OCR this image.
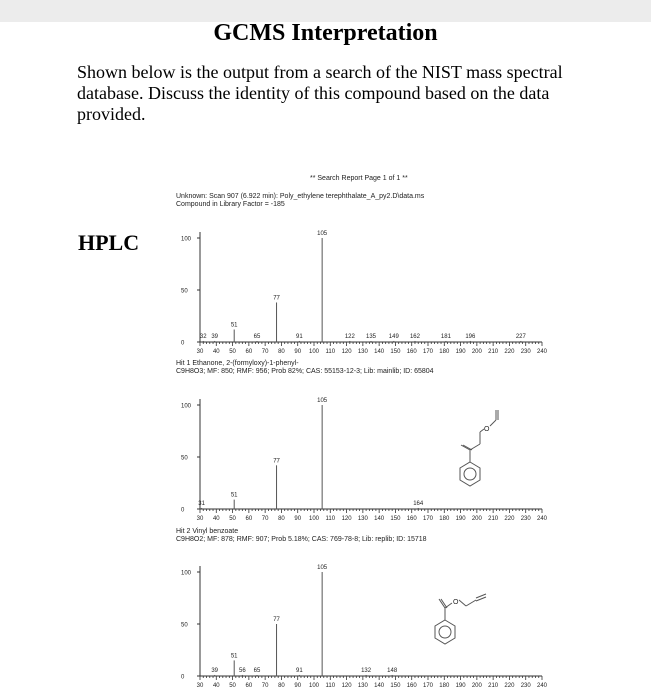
GCMS Interpretation
Shown below is the output from a search of the NIST mass spectral database. Discuss the identity of this compound based on the data provided.
HPLC
** Search Report Page 1 of 1 **
Unknown: Scan 907 (6.922 min): Poly_ethylene terephthalate_A_py2.D\data.ms
Compound in Library Factor = -185
Hit 1 Ethanone, 2-(formyloxy)-1-phenyl-
C9H8O3; MF: 850; RMF: 956; Prob 82%; CAS: 55153-12-3; Lib: mainlib; ID: 65804
Hit 2 Vinyl benzoate
C9H8O2; MF: 878; RMF: 907; Prob 5.18%; CAS: 769-78-8; Lib: replib; ID: 15718
O
O
100
50
0
30 40 50 60 70 80 90 100 110 120 130 140 150 160 170 180 190 200 210 220 230 240
32 39
51
65
77
91
105
122 135 149 162	181 196	227
100
50
0
30 40 50 60 70 80 90 100 110 120 130 140 150 160 170 180 190 200 210 220 230 240
31
51
77
105
164
100
50
0
30 40 50 60 70 80 90 100 110 120 130 140 150 160 170 180 190 200 210 220 230 240
39
51
56 65
77
91
105
132	148
